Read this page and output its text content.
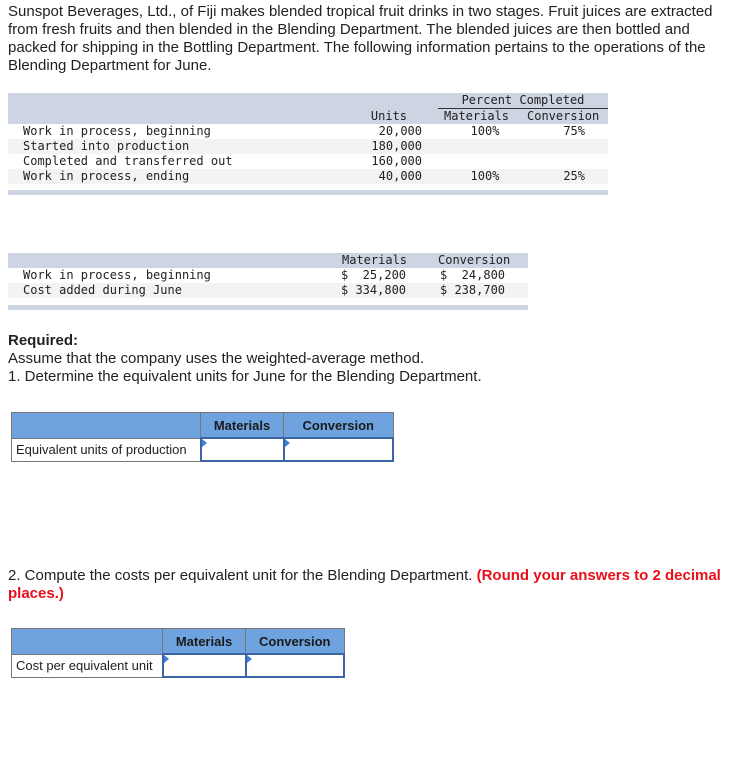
Sunspot Beverages, Ltd., of Fiji makes blended tropical fruit drinks in two stages. Fruit juices are extracted from fresh fruits and then blended in the Blending Department. The blended juices are then bottled and packed for shipping in the Bottling Department. The following information pertains to the operations of the Blending Department for June.
Percent Completed
Units	Materials Conversion
Work in process, beginning	20,000	100%	75%
Started into production	180,000
Completed and transferred out	160,000
Work in process, ending	40,000	100%	25%
Materials	Conversion
Work in process, beginning	$  25,200	$  24,800
Cost added during June	$ 334,800	$ 238,700
Required:
Assume that the company uses the weighted-average method.
1. Determine the equivalent units for June for the Blending Department.
	Materials	Conversion
Equivalent units of production	

2. Compute the costs per equivalent unit for the Blending Department. (Round your answers to 2 decimal places.)
	Materials	Conversion
Cost per equivalent unit	
